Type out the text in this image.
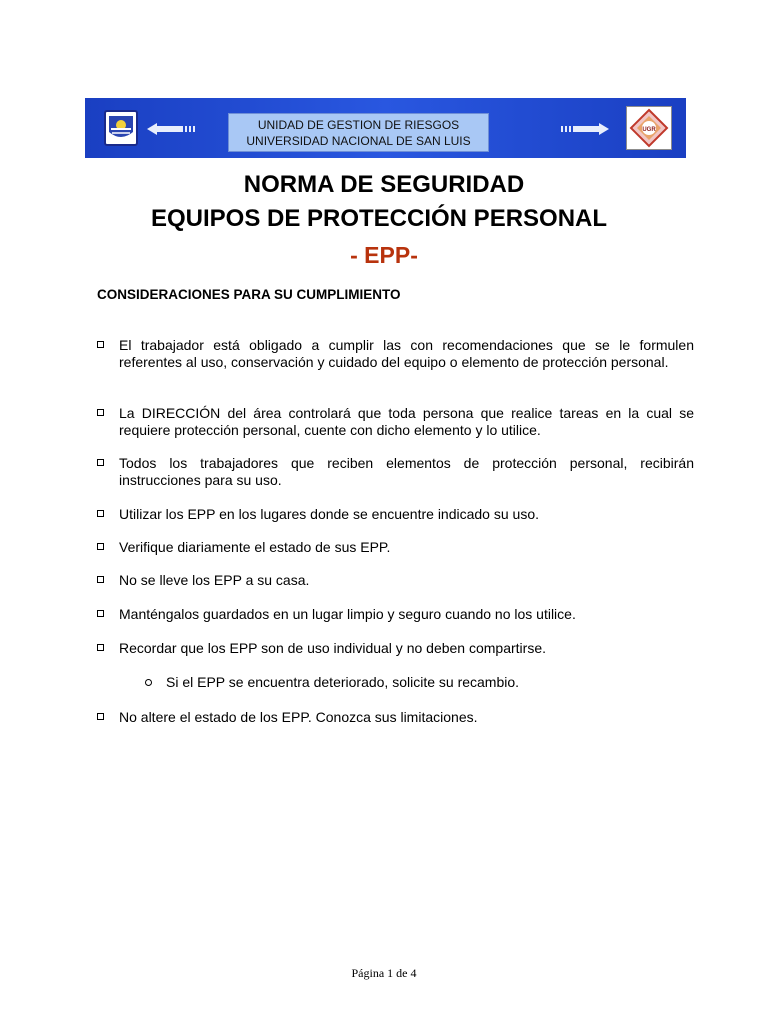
UNIDAD DE GESTION DE RIESGOS
UNIVERSIDAD NACIONAL DE SAN LUIS
UGR
NORMA DE SEGURIDAD
EQUIPOS DE PROTECCIÓN PERSONAL
- EPP-
CONSIDERACIONES PARA SU CUMPLIMIENTO
El trabajador está obligado a cumplir las con recomendaciones que se le formulen referentes al uso, conservación y cuidado del equipo o elemento de protección personal.
La DIRECCIÓN del área controlará que toda persona que realice tareas en la cual se requiere protección personal, cuente con dicho elemento y lo utilice.
Todos los trabajadores que reciben elementos de protección personal, recibirán instrucciones para su uso.
Utilizar los EPP en los lugares donde se encuentre indicado su uso.
Verifique diariamente el estado de sus EPP.
No se lleve los EPP a su casa.
Manténgalos guardados en un lugar limpio y seguro cuando no los utilice.
Recordar que los EPP son de uso individual y no deben compartirse.
Si el EPP se encuentra deteriorado, solicite su recambio.
No altere el estado de los EPP. Conozca sus limitaciones.
Página 1 de 4
